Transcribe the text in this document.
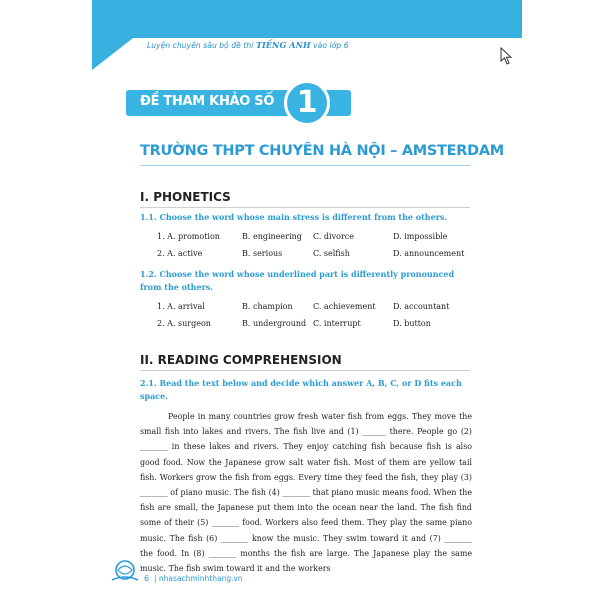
Luyện chuyên sâu bộ đề thi TIẾNG ANH vào lớp 6
ĐỀ THAM KHẢO SỐ 1
TRƯỜNG THPT CHUYÊN HÀ NỘI – AMSTERDAM
I. PHONETICS
1.1. Choose the word whose main stress is different from the others.
1. A. promotion	B. engineering C. divorce	D. impossible
2. A. active	B. serious	C. selfish	D. announcement
1.2. Choose the word whose underlined part is differently pronounced from the others.
1. A. arrival	B. champion	C. achievement D. accountant
2. A. surgeon	B. underground C. interrupt	D. button
II. READING COMPREHENSION
2.1. Read the text below and decide which answer A, B, C, or D fits each space.

People in many countries grow fresh water fish from eggs. They move the small fish into lakes and rivers. The fish live and (1) ______ there. People go (2) _______ in these lakes and rivers. They enjoy catching fish because fish is also good food. Now the Japanese grow salt water fish. Most of them are yellow tail fish. Workers grow the fish from eggs. Every time they feed the fish, they play (3) _______ of piano music. The fish (4) _______ that piano music means food. When the fish are small, the Japanese put them into the ocean near the land. The fish find some of their (5) _______ food. Workers also feed them. They play the same piano music. The fish (6) _______ know the music. They swim toward it and (7) _______ the food. In (8) _______ months the fish are large. The Japanese play the same music. The fish swim toward it and the workers

6 | nhasachminhthang.vn
